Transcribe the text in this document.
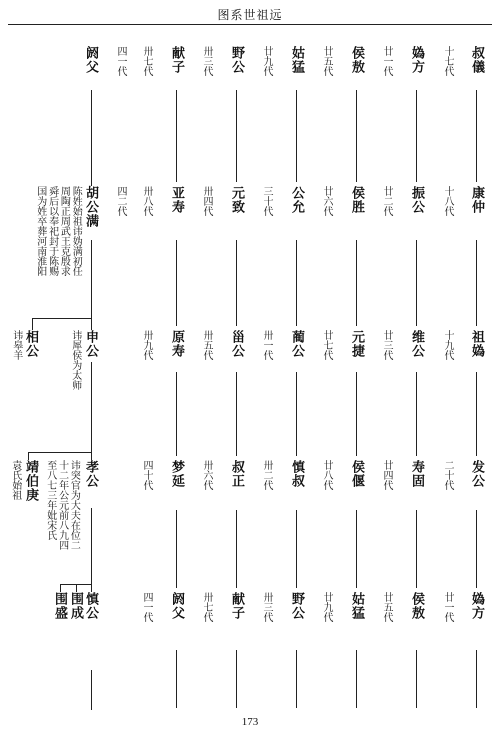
图系世祖远
叔儀
康仲
祖媯
发公
媯方
十七代
十八代
十九代
二十代
廿一代
媯方
振公
维公
寿固
侯敖
廿一代
廿二代
廿三代
廿四代
廿五代
侯敖
侯胜
元捷
侯偃
姑猛
廿五代
廿六代
廿七代
廿八代
廿九代
姑猛
公允
蔺公
慎叔
野公
廿九代
三十代
卅一代
卅二代
卅三代
野公
元致
甾公
叔正
献子
卅三代
卅四代
卅五代
卅六代
卅七代
献子
亚寿
原寿
梦延
阏父
卅七代
卅八代
卅九代
四十代
四一代
阏父 四一代
胡公满 四二代
陈姓始祖讳妫满初任
周陶正周武王克殷求
舜后以奉祀封于陈赐
国为姓卒葬河南淮阳
申公
讳犀侯为太师
相公
讳皋羊
孝公
讳突官为大夫在位二
十二年公元前八九四
至八七三年妣宋氏
靖伯庚
袁氏始祖
慎公
围成
围盛
173
